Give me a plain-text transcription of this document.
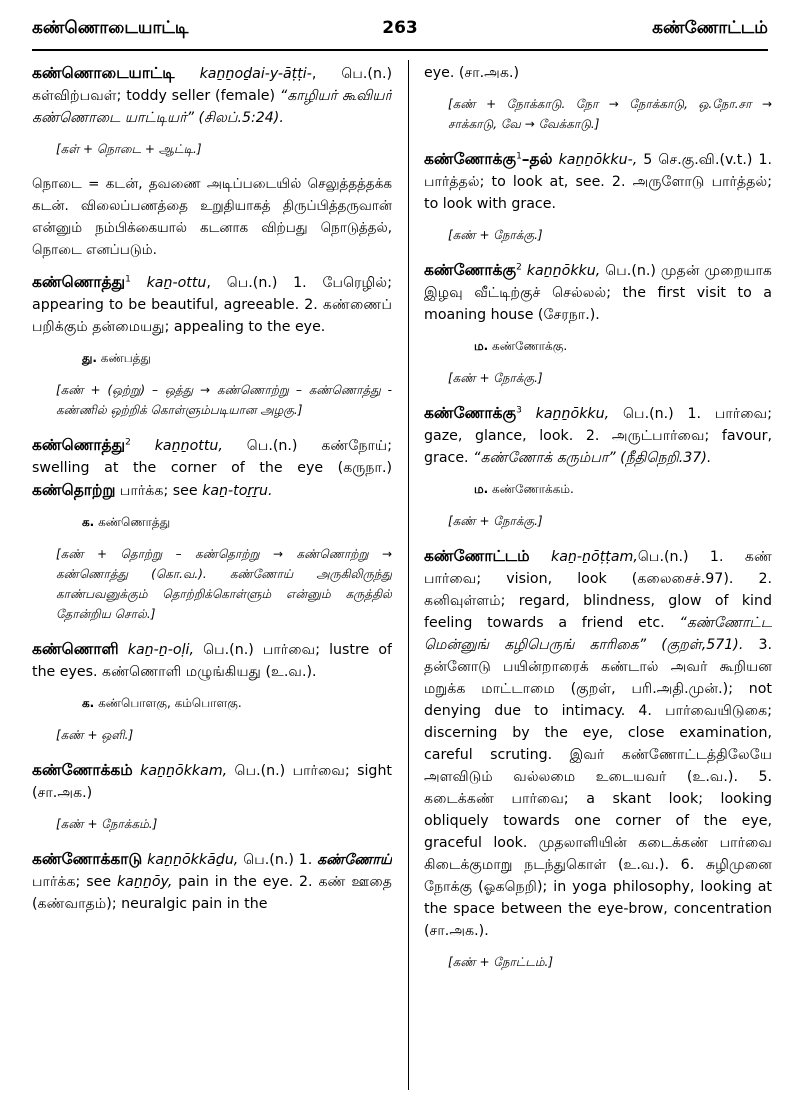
கண்ணொடையாட்டி	263	கண்ணோட்டம்
கண்ணொடையாட்டி kaṉṉoḏai-y-āṭṭi-, பெ.(n.) கள்விற்பவள்; toddy seller (female) “காழியர் கூவியர் கண்ணொடை யாட்டியர்” (சிலப்.5:24).
[கள் + நொடை + ஆட்டி.]
நொடை = கடன், தவணை அடிப்படையில் செலுத்தத்தக்க கடன். விலைப்பணத்தை உறுதியாகத் திருப்பித்தருவான் என்னும் நம்பிக்கையால் கடனாக விற்பது நொடுத்தல், நொடை எனப்படும்.
கண்ணொத்து$^1$ kaṉ-ottu, பெ.(n.) 1. பேரெழில்; appearing to be beautiful, agreeable. 2. கண்ணைப் பறிக்கும் தன்மையது; appealing to the eye.
து. கண்பத்து
[கண் + (ஒற்று) – ஒத்து → கண்ணொற்று – கண்ணொத்து - கண்ணில் ஒற்றிக் கொள்ளும்படியான அழகு.]
கண்ணொத்து$^2$ kaṉṉottu, பெ.(n.) கண்நோய்; swelling at the corner of the eye (கருநா.) கண்தொற்று பார்க்க; see kaṉ-toṟṟu.
க. கண்ணொத்து
[கண் + தொற்று – கண்தொற்று → கண்ணொற்று → கண்ணொத்து (கொ.வ.). கண்ணோய் அருகிலிருந்து காண்பவனுக்கும் தொற்றிக்கொள்ளும் என்னும் கருத்தில் தோன்றிய சொல்.]
கண்ணொளி kaṉ-ṉ-oḷi, பெ.(n.) பார்வை; lustre of the eyes. கண்ணொளி மழுங்கியது (உ.வ.).
க. கண்பொளகு, கம்பொளகு.
[கண் + ஒளி.]
கண்ணோக்கம் kaṉṉōkkam, பெ.(n.) பார்வை; sight (சா.அக.)
[கண் + நோக்கம்.]
கண்ணோக்காடு kaṉṉōkkāḏu, பெ.(n.) 1. கண்ணோய் பார்க்க; see kaṉṉōy, pain in the eye. 2. கண் ஊதை (கண்வாதம்); neuralgic pain in the
eye. (சா.அக.)
[கண் + நோக்காடு. நோ → நோக்காடு, ஒ.நோ.சா → சாக்காடு, வே → வேக்காடு.]
கண்ணோக்கு$^1$–தல் kaṉṉōkku-, 5 செ.கு.வி.(v.t.) 1. பார்த்தல்; to look at, see. 2. அருளோடு பார்த்தல்; to look with grace.
[கண் + நோக்கு.]
கண்ணோக்கு$^2$ kaṉṉōkku, பெ.(n.) முதன் முறையாக இழவு வீட்டிற்குச் செல்லல்; the first visit to a moaning house (சேரநா.).
ம. கண்ணோக்கு.
[கண் + நோக்கு.]
கண்ணோக்கு$^3$ kaṉṉōkku, பெ.(n.) 1. பார்வை; gaze, glance, look. 2. அருட்பார்வை; favour, grace. “கண்ணோக் கரும்பா” (நீதிநெறி.37).
ம. கண்ணோக்கம்.
[கண் + நோக்கு.]
கண்ணோட்டம் kaṉ-ṉōṭṭam,பெ.(n.) 1. கண் பார்வை; vision, look (கலைசைச்.97). 2. கனிவுள்ளம்; regard, blindness, glow of kind feeling towards a friend etc. “கண்ணோட்ட மென்னுங் கழிபெருங் காரிகை” (குறள்,571). 3. தன்னோடு பயின்றாரைக் கண்டால் அவர் கூறியன மறுக்க மாட்டாமை (குறள், பரி.அதி.முன்.); not denying due to intimacy. 4. பார்வையிடுகை; discerning by the eye, close examination, careful scruting. இவர் கண்ணோட்டத்திலேயே அளவிடும் வல்லமை உடையவர் (உ.வ.). 5. கடைக்கண் பார்வை; a skant look; looking obliquely towards one corner of the eye, graceful look. முதலாளியின் கடைக்கண் பார்வை கிடைக்குமாறு நடந்துகொள் (உ.வ.). 6. சுழிமுனை நோக்கு (ஓகநெறி); in yoga philosophy, looking at the space between the eye-brow, concentration (சா.அக.).
[கண் + நோட்டம்.]
